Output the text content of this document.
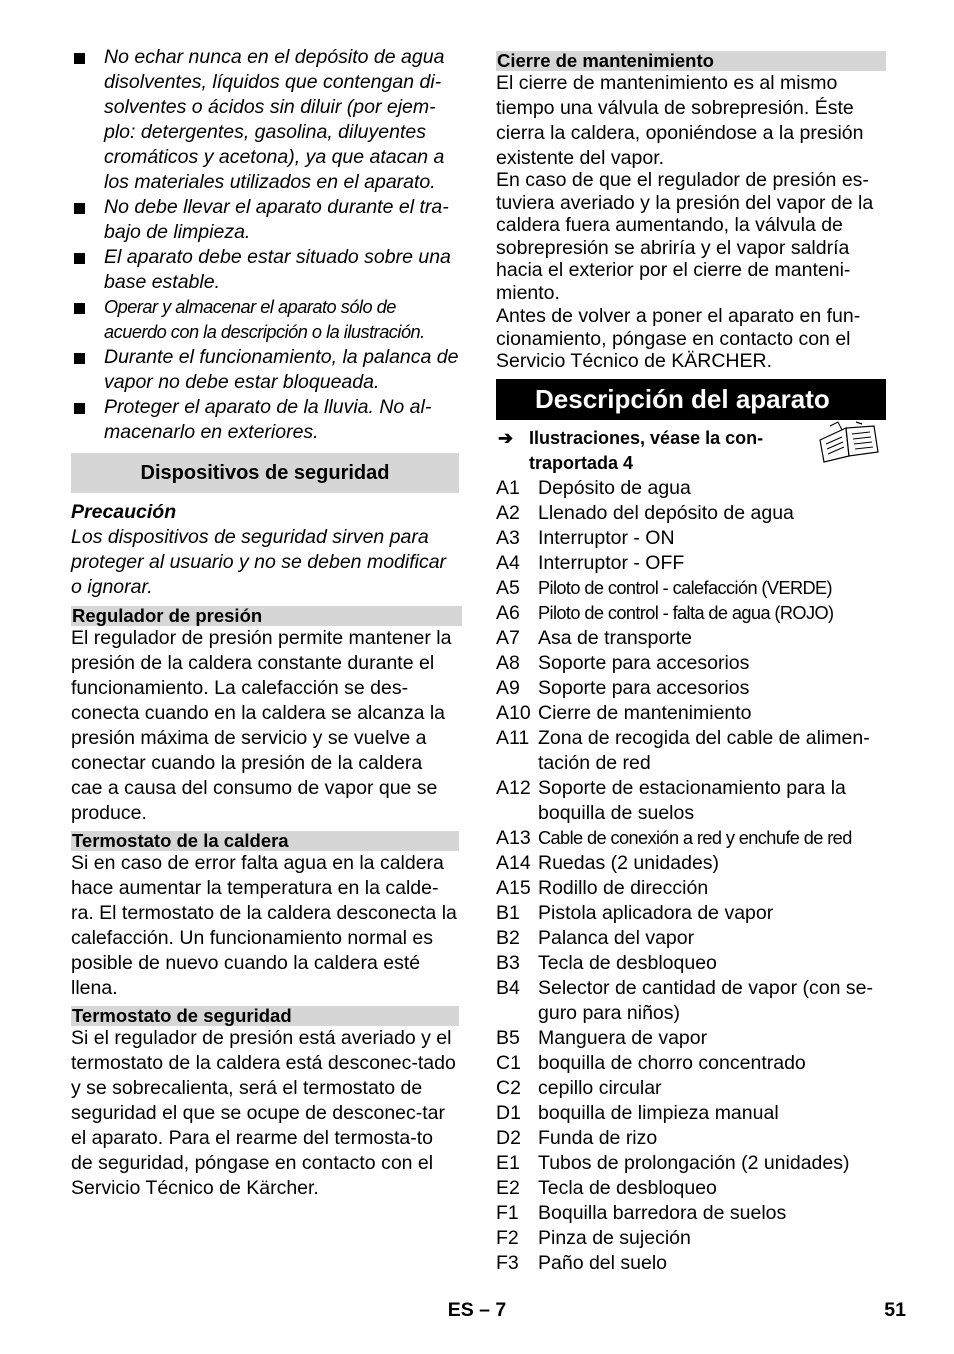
No echar nunca en el depósito de agua disolventes, líquidos que contengan di-solventes o ácidos sin diluir (por ejem-plo: detergentes, gasolina, diluyentes cromáticos y acetona), ya que atacan a los materiales utilizados en el aparato.
No debe llevar el aparato durante el tra-bajo de limpieza.
El aparato debe estar situado sobre una base estable.
Operar y almacenar el aparato sólo de acuerdo con la descripción o la ilustración.
Durante el funcionamiento, la palanca de vapor no debe estar bloqueada.
Proteger el aparato de la lluvia. No al-macenarlo en exteriores.
Dispositivos de seguridad

Precaución

Los dispositivos de seguridad sirven para proteger al usuario y no se deben modificar o ignorar.

Regulador de presión

El regulador de presión permite mantener la presión de la caldera constante durante el funcionamiento. La calefacción se des-conecta cuando en la caldera se alcanza la presión máxima de servicio y se vuelve a conectar cuando la presión de la caldera cae a causa del consumo de vapor que se produce.

Termostato de la caldera

Si en caso de error falta agua en la caldera hace aumentar la temperatura en la calde-ra. El termostato de la caldera desconecta la calefacción. Un funcionamiento normal es posible de nuevo cuando la caldera esté llena.

Termostato de seguridad

Si el regulador de presión está averiado y el termostato de la caldera está desconec-tado y se sobrecalienta, será el termostato de seguridad el que se ocupe de desconec-tar el aparato. Para el rearme del termosta-to de seguridad, póngase en contacto con el Servicio Técnico de Kärcher.

Cierre de mantenimiento

El cierre de mantenimiento es al mismo tiempo una válvula de sobrepresión. Éste cierra la caldera, oponiéndose a la presión existente del vapor.

En caso de que el regulador de presión es-tuviera averiado y la presión del vapor de la caldera fuera aumentando, la válvula de sobrepresión se abriría y el vapor saldría hacia el exterior por el cierre de manteni-miento.

Antes de volver a poner el aparato en fun-cionamiento, póngase en contacto con el Servicio Técnico de KÄRCHER.

Descripción del aparato
➔ Ilustraciones, véase la con-traportada 4
A1 Depósito de agua
A2 Llenado del depósito de agua
A3 Interruptor - ON
A4 Interruptor - OFF
A5 Piloto de control - calefacción (VERDE)
A6 Piloto de control - falta de agua (ROJO)
A7 Asa de transporte
A8 Soporte para accesorios
A9 Soporte para accesorios
A10 Cierre de mantenimiento
A11 Zona de recogida del cable de alimen-tación de red
A12 Soporte de estacionamiento para la boquilla de suelos
A13 Cable de conexión a red y enchufe de red
A14 Ruedas (2 unidades)
A15 Rodillo de dirección
B1 Pistola aplicadora de vapor
B2 Palanca del vapor
B3 Tecla de desbloqueo
B4 Selector de cantidad de vapor (con se-guro para niños)
B5 Manguera de vapor
C1 boquilla de chorro concentrado
C2 cepillo circular
D1 boquilla de limpieza manual
D2 Funda de rizo
E1 Tubos de prolongación (2 unidades)
E2 Tecla de desbloqueo
F1 Boquilla barredora de suelos
F2 Pinza de sujeción
F3 Paño del suelo
ES – 7	51
